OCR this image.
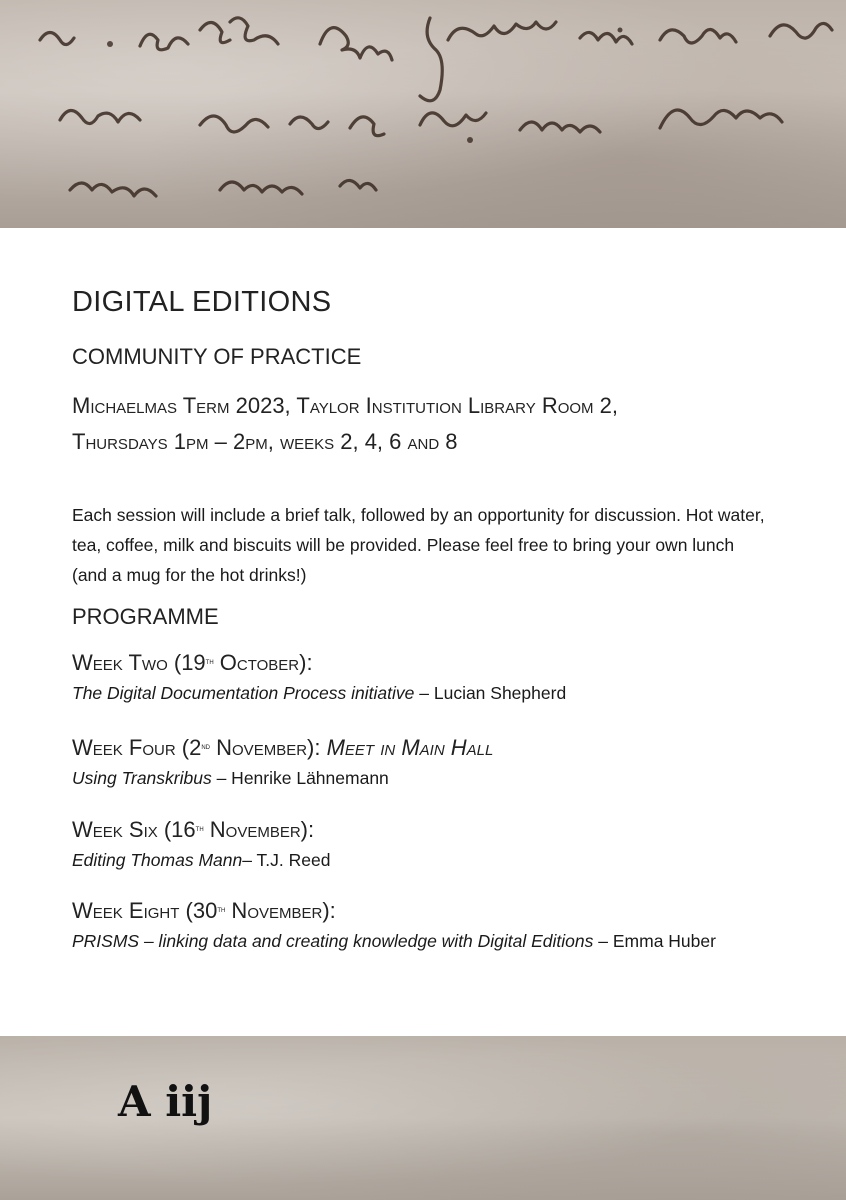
DIGITAL EDITIONS
COMMUNITY OF PRACTICE
Michaelmas Term 2023, Taylor Institution Library Room 2,
Thursdays 1pm – 2pm, weeks 2, 4, 6 and 8
Each session will include a brief talk, followed by an opportunity for discussion. Hot water, tea, coffee, milk and biscuits will be provided. Please feel free to bring your own lunch (and a mug for the hot drinks!)
PROGRAMME
Week Two (19th October):
The Digital Documentation Process initiative – Lucian Shepherd
Week Four (2nd November): Meet in Main Hall
Using Transkribus – Henrike Lähnemann
Week Six (16th November):
Editing Thomas Mann– T.J. Reed
Week Eight (30th November):
PRISMS – linking data and creating knowledge with Digital Editions – Emma Huber
A iij
